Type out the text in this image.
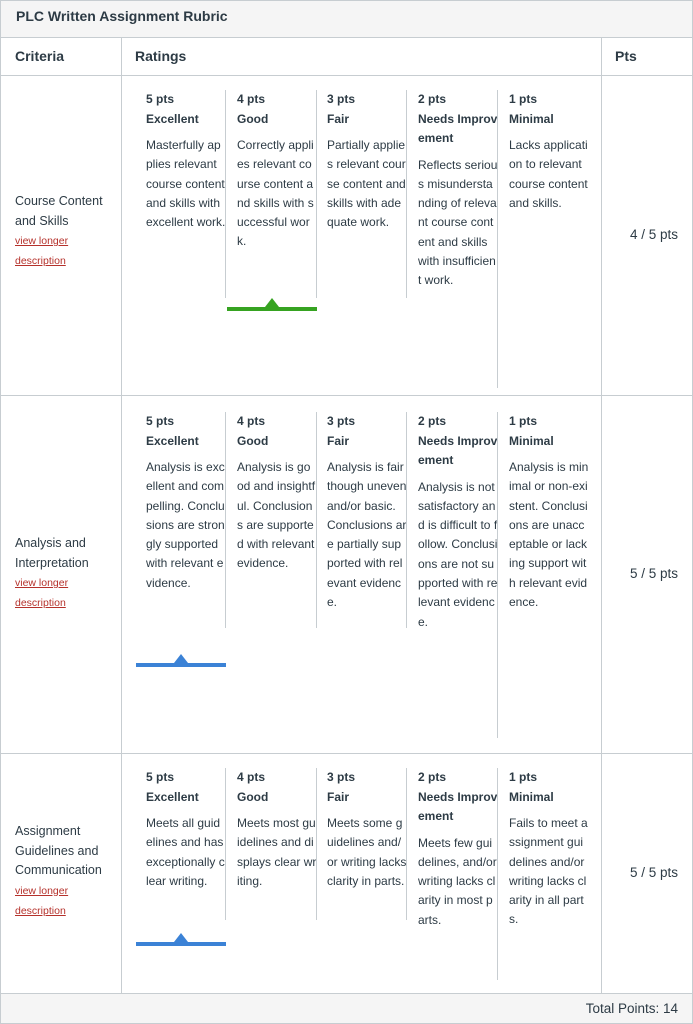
PLC Written Assignment Rubric
Criteria	Ratings	Pts
Course Content and Skills
view longer description
5 pts
Excellent
Masterfully applies relevant course content and skills with excellent work.
4 pts
Good
Correctly applies relevant course content and skills with successful work.
3 pts
Fair
Partially applies relevant course content and skills with adequate work.
2 pts
Needs Improvement
Reflects serious misunderstanding of relevant course content and skills with insufficient work.
1 pts
Minimal
Lacks application to relevant course content and skills.
4 / 5 pts
Analysis and Interpretation
view longer description
5 pts
Excellent
Analysis is excellent and compelling. Conclusions are strongly supported with relevant evidence.
4 pts
Good
Analysis is good and insightful. Conclusions are supported with relevant evidence.
3 pts
Fair
Analysis is fair though uneven and/or basic. Conclusions are partially supported with relevant evidence.
2 pts
Needs Improvement
Analysis is not satisfactory and is difficult to follow. Conclusions are not supported with relevant evidence.
1 pts
Minimal
Analysis is minimal or non-existent. Conclusions are unacceptable or lacking support with relevant evidence.
5 / 5 pts
Assignment Guidelines and Communication
view longer description
5 pts
Excellent
Meets all guidelines and has exceptionally clear writing.
4 pts
Good
Meets most guidelines and displays clear writing.
3 pts
Fair
Meets some guidelines and/or writing lacks clarity in parts.
2 pts
Needs Improvement
Meets few guidelines, and/or writing lacks clarity in most parts.
1 pts
Minimal
Fails to meet assignment guidelines and/or writing lacks clarity in all parts.
5 / 5 pts
Total Points: 14
